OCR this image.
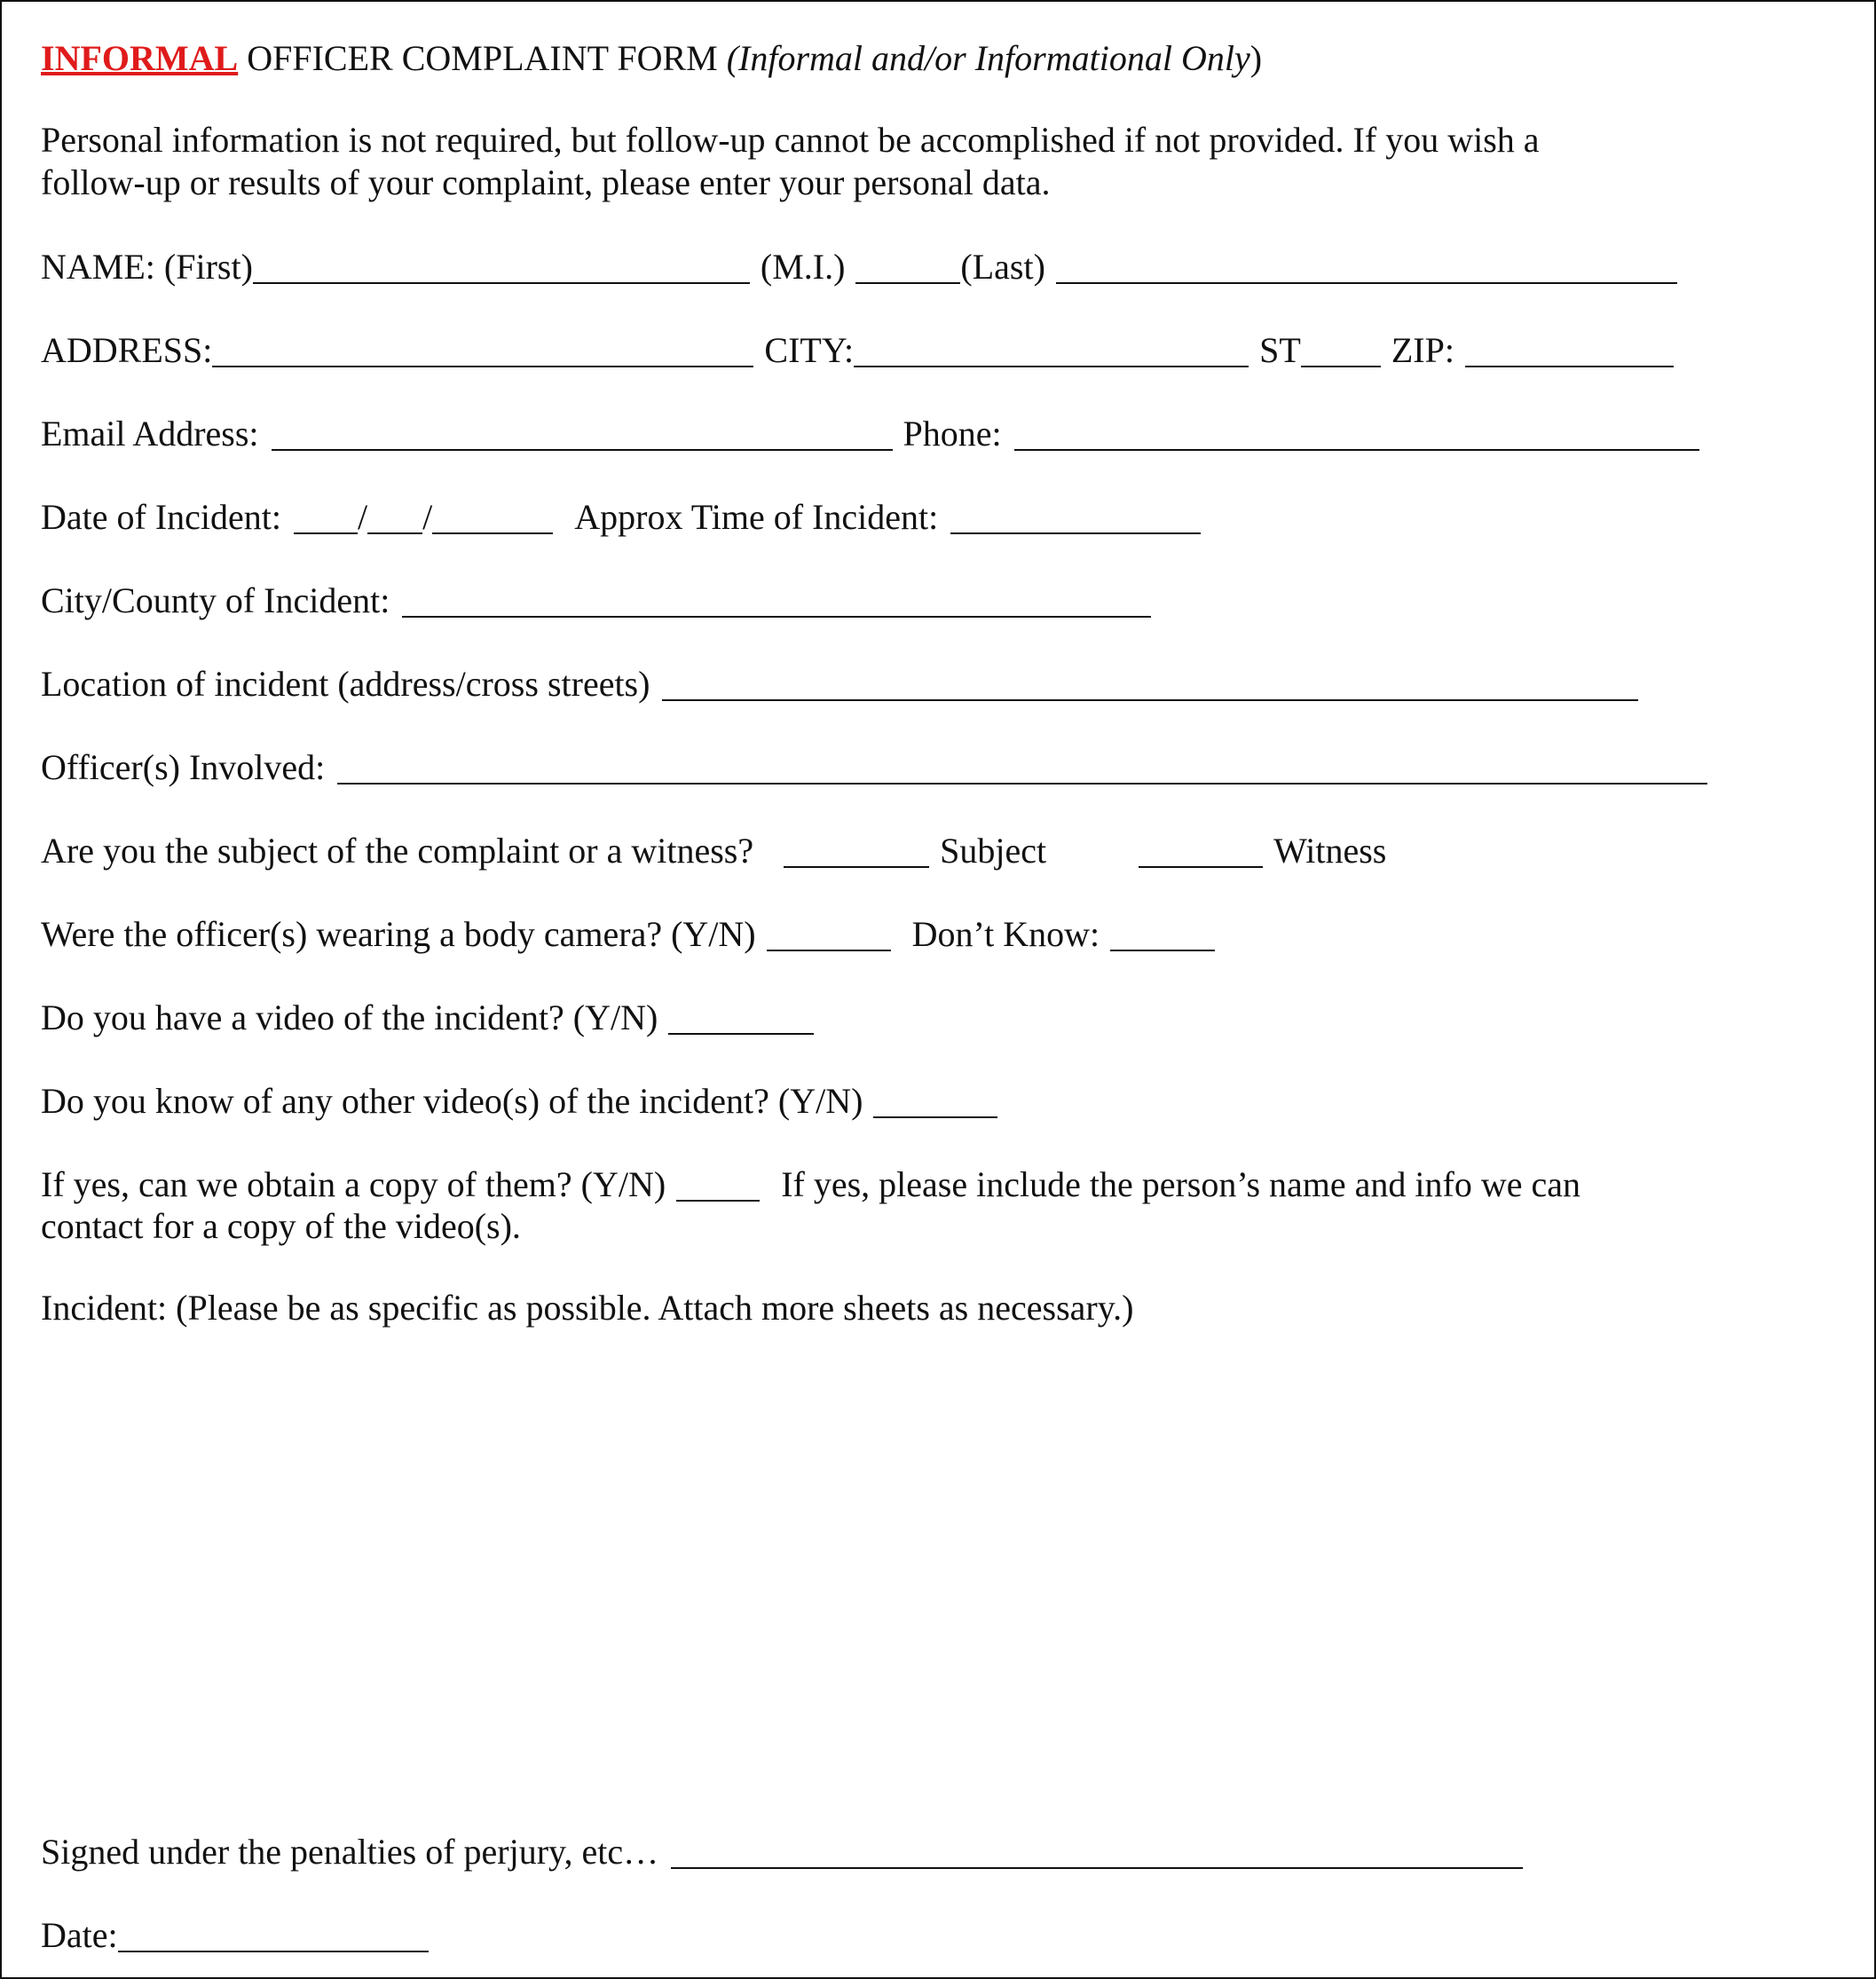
INFORMAL OFFICER COMPLAINT FORM (Informal and/or Informational Only)
Personal information is not required, but follow-up cannot be accomplished if not provided. If you wish a
follow-up or results of your complaint, please enter your personal data.
NAME: (First)	(M.I.)	(Last)
ADDRESS:	CITY:	ST	ZIP:
Email Address:	Phone:
Date of Incident: / /	Approx Time of Incident:
City/County of Incident:
Location of incident (address/cross streets)
Officer(s) Involved:
Are you the subject of the complaint or a witness?	Subject	Witness
Were the officer(s) wearing a body camera? (Y/N)	Don’t Know:
Do you have a video of the incident? (Y/N)
Do you know of any other video(s) of the incident? (Y/N)
If yes, can we obtain a copy of them? (Y/N)	If yes, please include the person’s name and info we can
contact for a copy of the video(s).
Incident: (Please be as specific as possible. Attach more sheets as necessary.)
Signed under the penalties of perjury, etc…
Date:
